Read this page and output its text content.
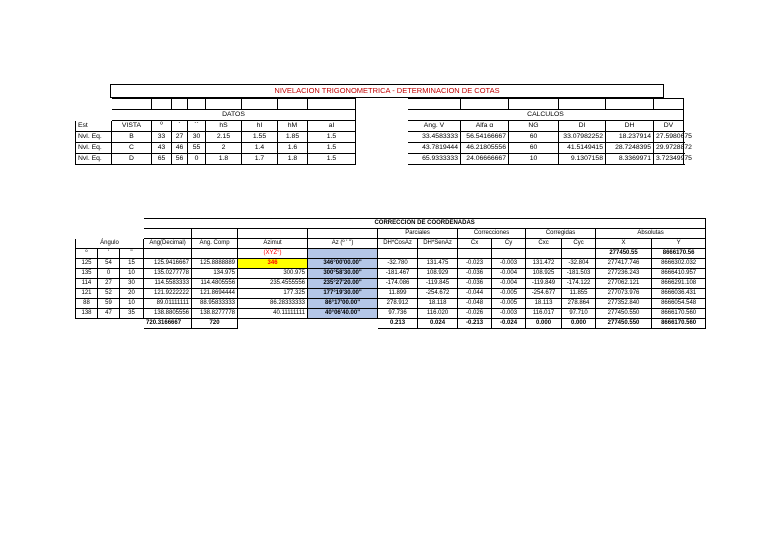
NIVELACION TRIGONOMETRICA - DETERMINACION DE COTAS

	DATOS									CALCULOS					
Est	VISTA	º	`	``	hS	hI	hM	aI		Ang. V	Alfa α	NG	DI	DH	DV
Nvl. Eq.	B	33	27	30	2.15	1.55	1.85	1.5		33.4583333	56.54166667	60	33.07982252	18.237914	27.5980675
Nvl. Eq.	C	43	46	55	2	1.4	1.6	1.5		43.7819444	46.21805556	60	41.5149415	28.7248395	29.9728872
Nvl. Eq.	D	65	56	0	1.8	1.7	1.8	1.5		65.9333333	24.06666667	10	9.1307158	8.3369971	3.72349975
			CORRECCION DE COORDENADAS											
							Parciales		Correcciones		Corregidas		Absolutas	
Ángulo			Ang(Decimal)	Ang. Comp	Azimut	Az (º ' '')	DH*CosAz	DH*SenAz	Cx	Cy	Cxc	Cyc	X	Y
º	'	''			(XYZ°)								277450.55	8666170.56
125	54	15	125.9416667	125.8888889	346	346°00'00.00"	-32.780	131.475	-0.023	-0.003	131.472	-32.804	277417.746	8666302.032
135	0	10	135.0277778	134.975	300.975	300°58'30.00"	-181.467	108.929	-0.036	-0.004	108.925	-181.503	277236.243	8666410.957
114	27	30	114.5583333	114.4805556	235.4555556	235°27'20.00"	-174.086	-119.845	-0.036	-0.004	-119.849	-174.122	277062.121	8666291.108
121	52	20	121.9222222	121.8694444	177.325	177°19'30.00"	11.899	-254.672	-0.044	-0.005	-254.677	11.855	277073.976	8666036.431
88	59	10	89.01111111	88.95833333	86.28333333	86°17'00.00"	278.912	18.118	-0.048	-0.005	18.113	278.864	277352.840	8666054.548
138	47	35	138.8805556	138.8277778	40.11111111	40°06'40.00"	97.736	116.020	-0.026	-0.003	116.017	97.710	277450.550	8666170.560
			720.3166667	720			0.213	0.024	-0.213	-0.024	0.000	0.000	277450.550	8666170.560
